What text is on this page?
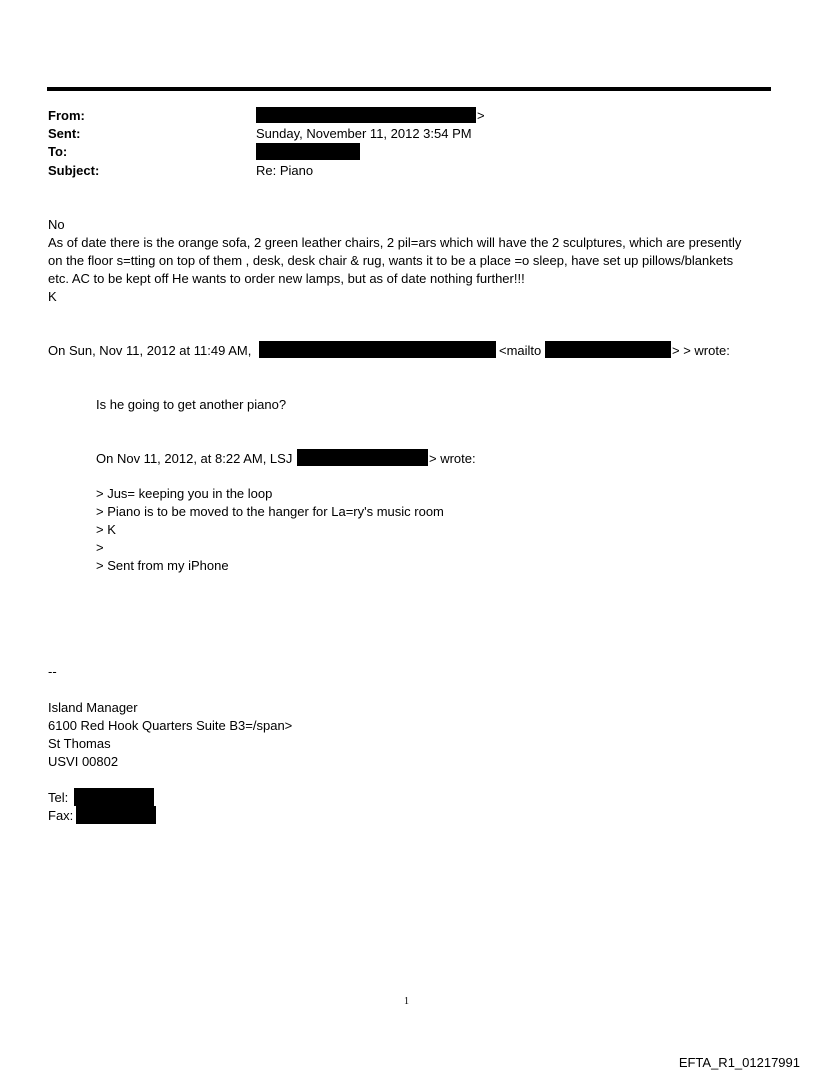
From:	>
Sent:	Sunday, November 11, 2012 3:54 PM
To:
Subject:	Re: Piano
No
As of date there is the orange sofa, 2 green leather chairs, 2 pil=ars which will have the 2 sculptures, which are presently
on the floor s=tting on top of them , desk, desk chair & rug, wants it to be a place =o sleep, have set up pillows/blankets
etc. AC to be kept off He wants to order new lamps, but as of date nothing further!!!
K
On Sun, Nov 11, 2012 at 11:49 AM,	<mailto	> > wrote:
Is he going to get another piano?
On Nov 11, 2012, at 8:22 AM, LSJ	> wrote:
> Jus= keeping you in the loop
> Piano is to be moved to the hanger for La=ry's music room
> K
>
> Sent from my iPhone
--
Island Manager
6100 Red Hook Quarters Suite B3=/span>
St Thomas
USVI 00802
Tel:
Fax:
1
EFTA_R1_01217991
